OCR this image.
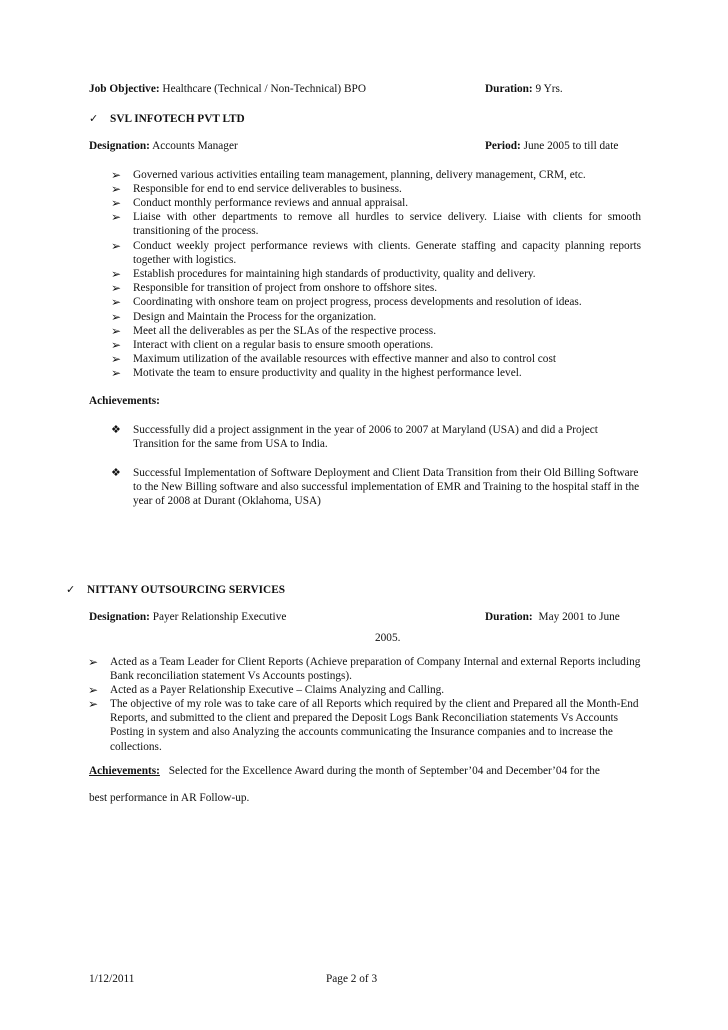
Job Objective: Healthcare (Technical / Non-Technical) BPO	Duration: 9 Yrs.
✓ SVL INFOTECH PVT LTD
Designation: Accounts Manager	Period: June 2005 to till date
➢ Governed various activities entailing team management, planning, delivery management, CRM, etc.
➢ Responsible for end to end service deliverables to business.
➢ Conduct monthly performance reviews and annual appraisal.
➢ Liaise with other departments to remove all hurdles to service delivery. Liaise with clients for smooth transitioning of the process.
➢ Conduct weekly project performance reviews with clients. Generate staffing and capacity planning reports together with logistics.
➢ Establish procedures for maintaining high standards of productivity, quality and delivery.
➢ Responsible for transition of project from onshore to offshore sites.
➢ Coordinating with onshore team on project progress, process developments and resolution of ideas.
➢ Design and Maintain the Process for the organization.
➢ Meet all the deliverables as per the SLAs of the respective process.
➢ Interact with client on a regular basis to ensure smooth operations.
➢ Maximum utilization of the available resources with effective manner and also to control cost
➢ Motivate the team to ensure productivity and quality in the highest performance level.
Achievements:
❖ Successfully did a project assignment in the year of 2006 to 2007 at Maryland (USA) and did a Project Transition for the same from USA to India.
❖ Successful Implementation of Software Deployment and Client Data Transition from their Old Billing Software to the New Billing software and also successful implementation of EMR and Training to the hospital staff in the year of 2008 at Durant (Oklahoma, USA)
✓ NITTANY OUTSOURCING SERVICES
Designation: Payer Relationship Executive	Duration: May 2001 to June
2005.
➢ Acted as a Team Leader for Client Reports (Achieve preparation of Company Internal and external Reports including Bank reconciliation statement Vs Accounts postings).
➢ Acted as a Payer Relationship Executive – Claims Analyzing and Calling.
➢ The objective of my role was to take care of all Reports which required by the client and Prepared all the Month-End Reports, and submitted to the client and prepared the Deposit Logs Bank Reconciliation statements Vs Accounts Posting in system and also Analyzing the accounts communicating the Insurance companies and to increase the collections.
Achievements: Selected for the Excellence Award during the month of September’04 and December’04 for the
best performance in AR Follow-up.
1/12/2011	Page 2 of 3
